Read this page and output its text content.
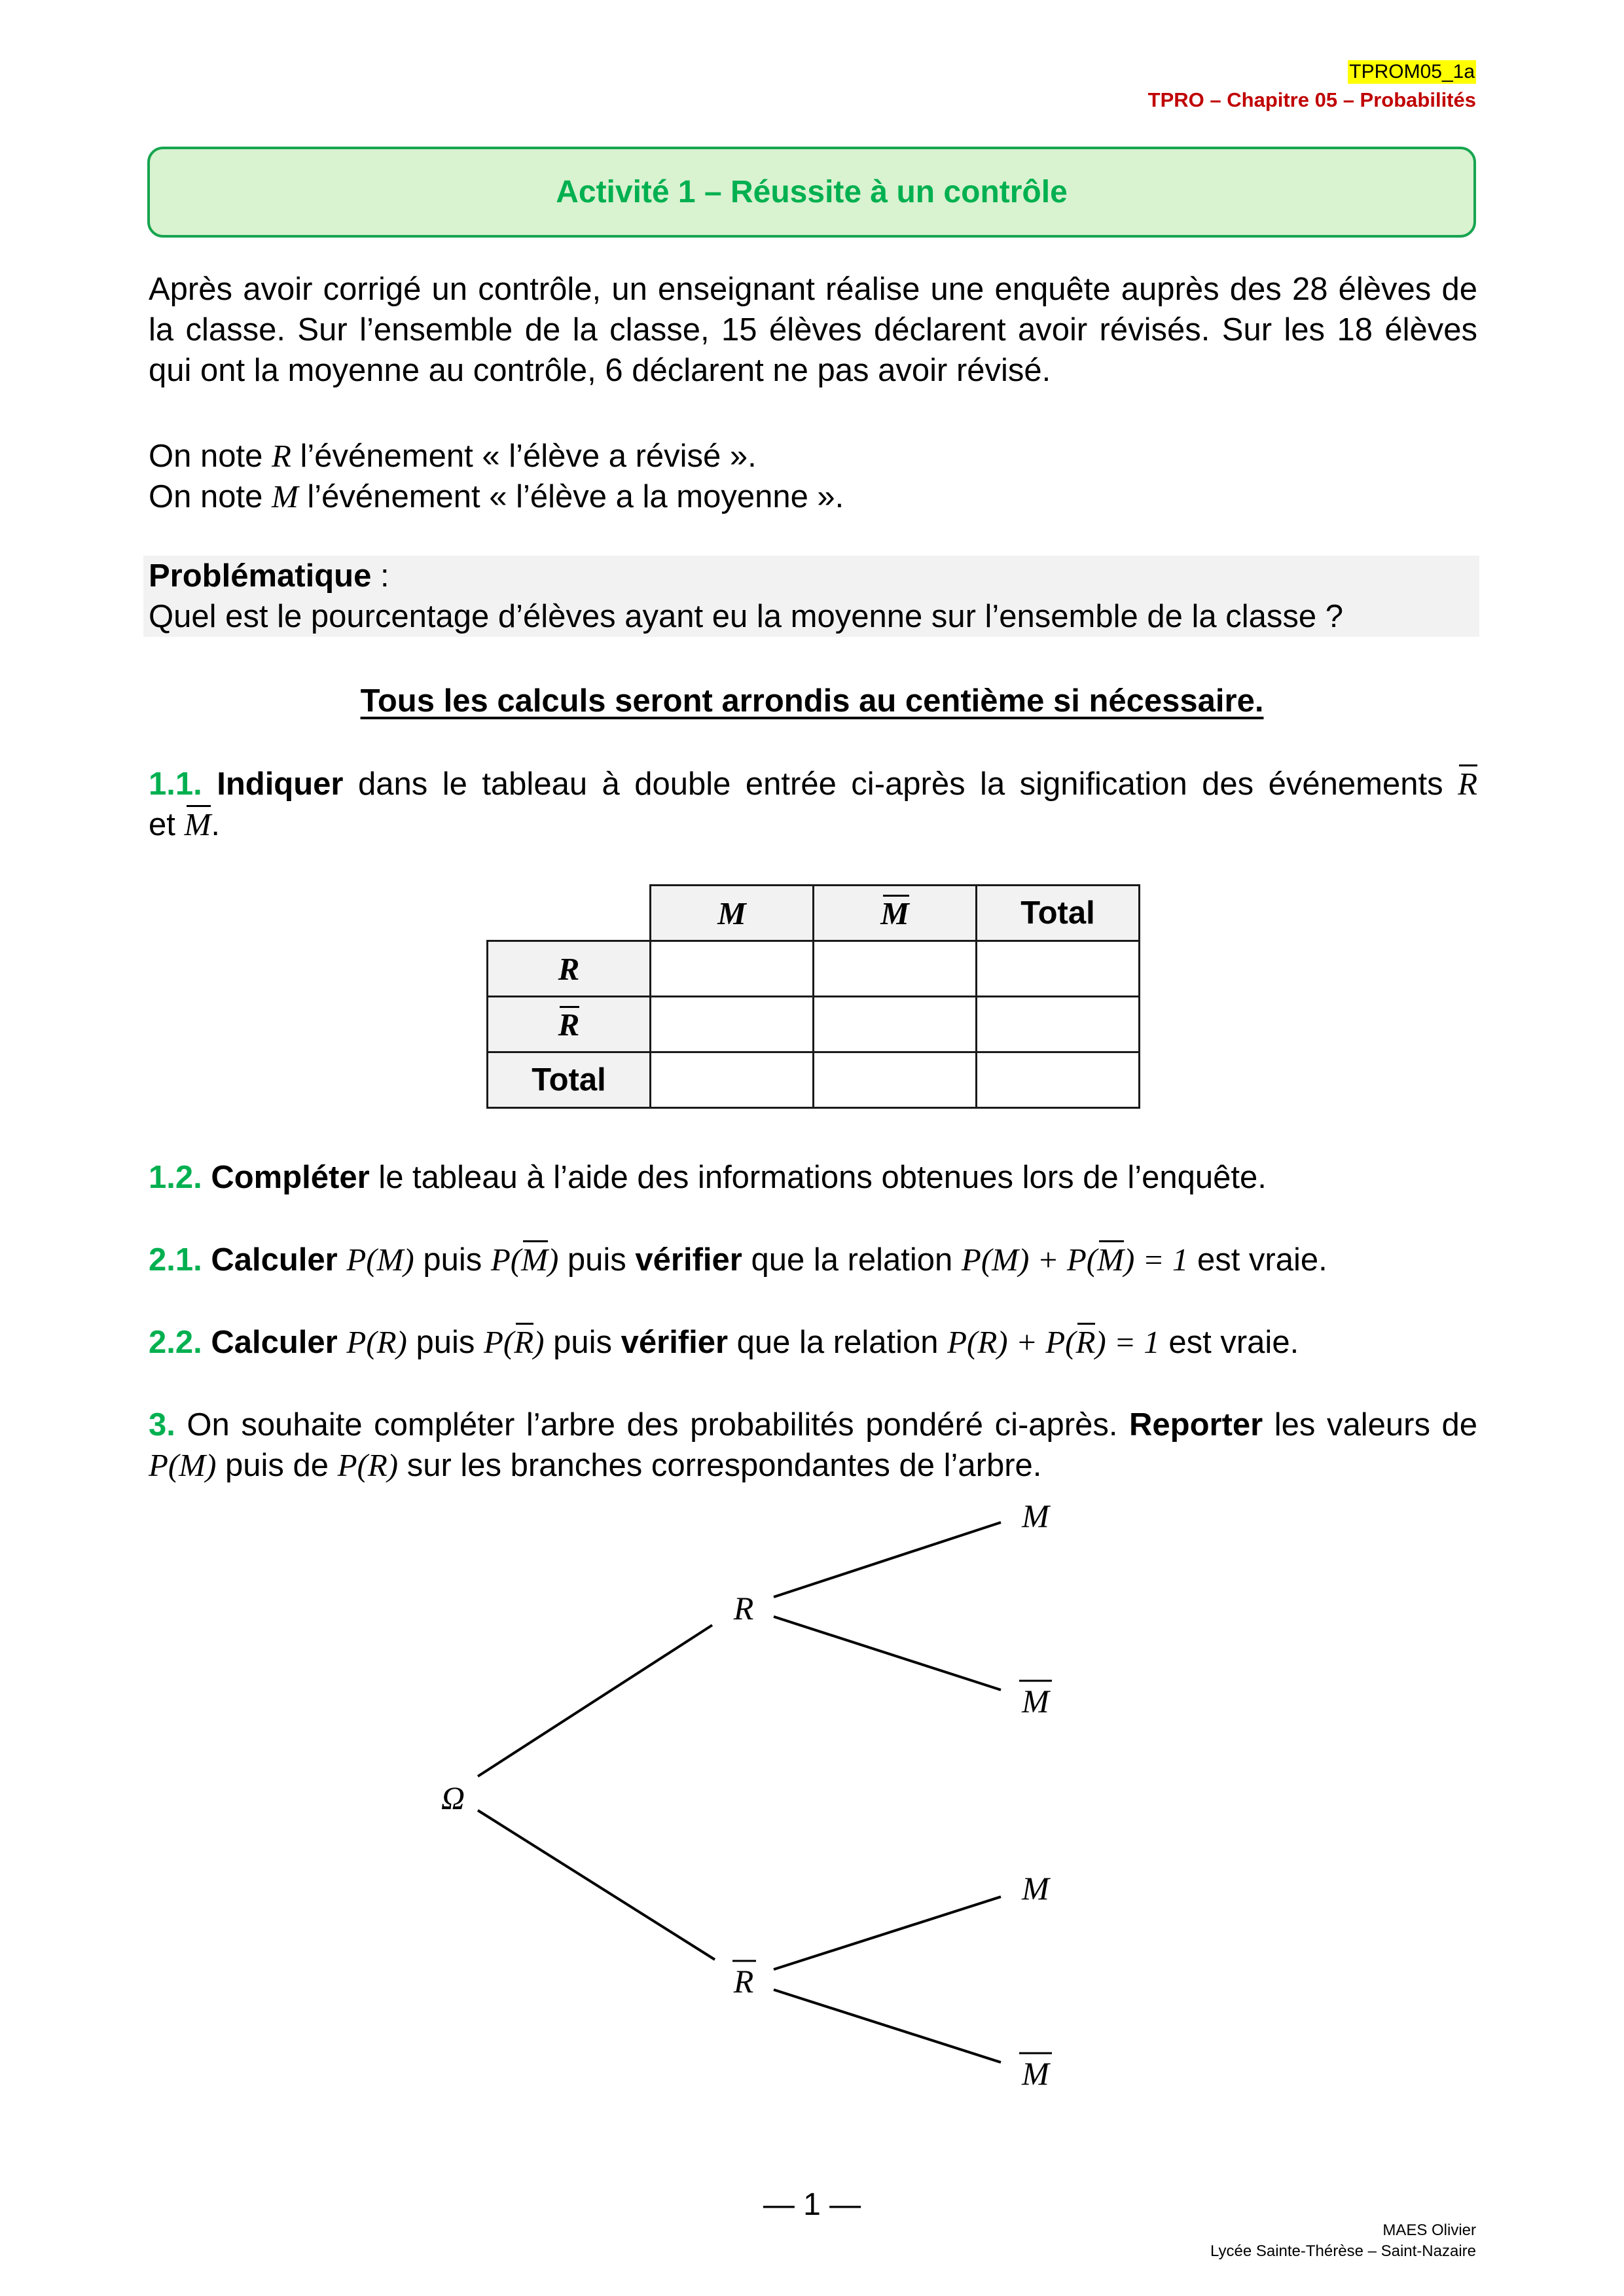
TPROM05_1a
TPRO – Chapitre 05 – Probabilités
Activité 1 – Réussite à un contrôle
Après avoir corrigé un contrôle, un enseignant réalise une enquête auprès des 28 élèves de
la classe. Sur l’ensemble de la classe, 15 élèves déclarent avoir révisés. Sur les 18 élèves
qui ont la moyenne au contrôle, 6 déclarent ne pas avoir révisé.
On note R l’événement « l’élève a révisé ».
On note M l’événement « l’élève a la moyenne ».
Problématique :
Quel est le pourcentage d’élèves ayant eu la moyenne sur l’ensemble de la classe ?
Tous les calculs seront arrondis au centième si nécessaire.
1.1. Indiquer dans le tableau à double entrée ci-après la signification des événements R
et M.
	M	M	Total
R			
R			
Total			
1.2. Compléter le tableau à l’aide des informations obtenues lors de l’enquête.
2.1. Calculer P(M) puis P(M) puis vérifier que la relation P(M) + P(M) = 1 est vraie.
2.2. Calculer P(R) puis P(R) puis vérifier que la relation P(R) + P(R) = 1 est vraie.
3. On souhaite compléter l’arbre des probabilités pondéré ci-après. Reporter les valeurs de
P(M) puis de P(R) sur les branches correspondantes de l’arbre.
Ω
R
R
M
M
M
M
— 1 —
MAES Olivier
Lycée Sainte-Thérèse – Saint-Nazaire
